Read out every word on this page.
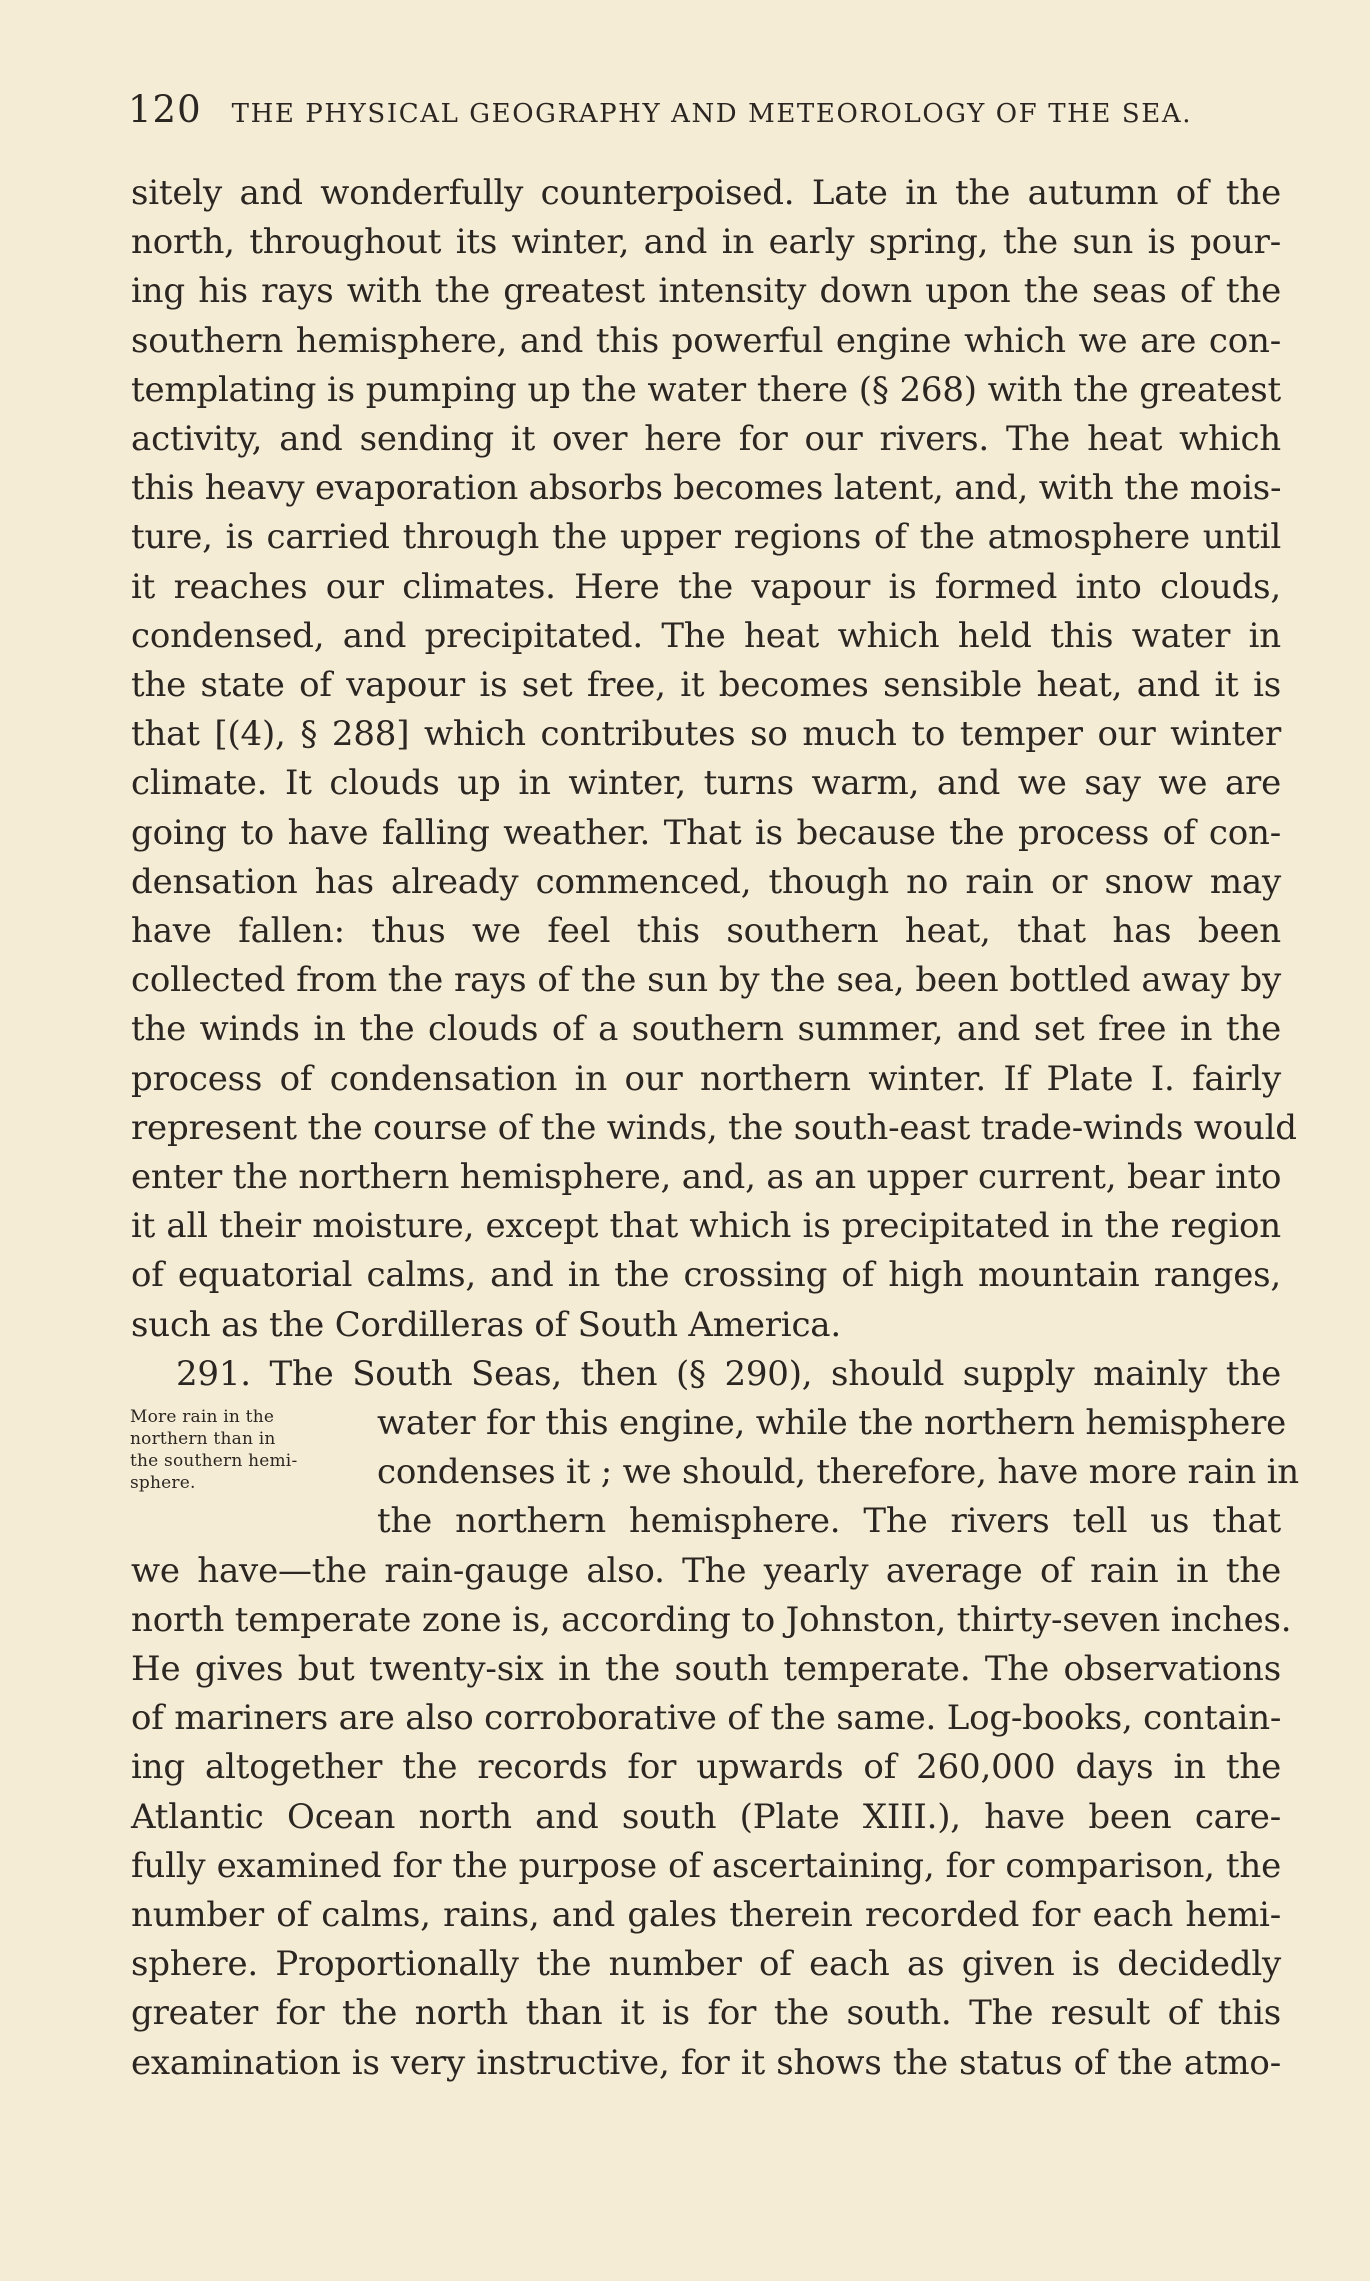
120 THE PHYSICAL GEOGRAPHY AND METEOROLOGY OF THE SEA.
sitely and wonderfully counterpoised. Late in the autumn of the
north, throughout its winter, and in early spring, the sun is pour-
ing his rays with the greatest intensity down upon the seas of the
southern hemisphere, and this powerful engine which we are con-
templating is pumping up the water there (§ 268) with the greatest
activity, and sending it over here for our rivers. The heat which
this heavy evaporation absorbs becomes latent, and, with the mois-
ture, is carried through the upper regions of the atmosphere until
it reaches our climates. Here the vapour is formed into clouds,
condensed, and precipitated. The heat which held this water in
the state of vapour is set free, it becomes sensible heat, and it is
that [(4), § 288] which contributes so much to temper our winter
climate. It clouds up in winter, turns warm, and we say we are
going to have falling weather. That is because the process of con-
densation has already commenced, though no rain or snow may
have fallen: thus we feel this southern heat, that has been
collected from the rays of the sun by the sea, been bottled away by
the winds in the clouds of a southern summer, and set free in the
process of condensation in our northern winter. If Plate I. fairly
represent the course of the winds, the south-east trade-winds would
enter the northern hemisphere, and, as an upper current, bear into
it all their moisture, except that which is precipitated in the region
of equatorial calms, and in the crossing of high mountain ranges,
such as the Cordilleras of South America.
291. The South Seas, then (§ 290), should supply mainly the
water for this engine, while the northern hemisphere
condenses it ; we should, therefore, have more rain in
the northern hemisphere. The rivers tell us that
we have—the rain-gauge also. The yearly average of rain in the
north temperate zone is, according to Johnston, thirty-seven inches.
He gives but twenty-six in the south temperate. The observations
of mariners are also corroborative of the same. Log-books, contain-
ing altogether the records for upwards of 260,000 days in the
Atlantic Ocean north and south (Plate XIII.), have been care-
fully examined for the purpose of ascertaining, for comparison, the
number of calms, rains, and gales therein recorded for each hemi-
sphere. Proportionally the number of each as given is decidedly
greater for the north than it is for the south. The result of this
examination is very instructive, for it shows the status of the atmo-
More rain in the
northern than in
the southern hemi-
sphere.
